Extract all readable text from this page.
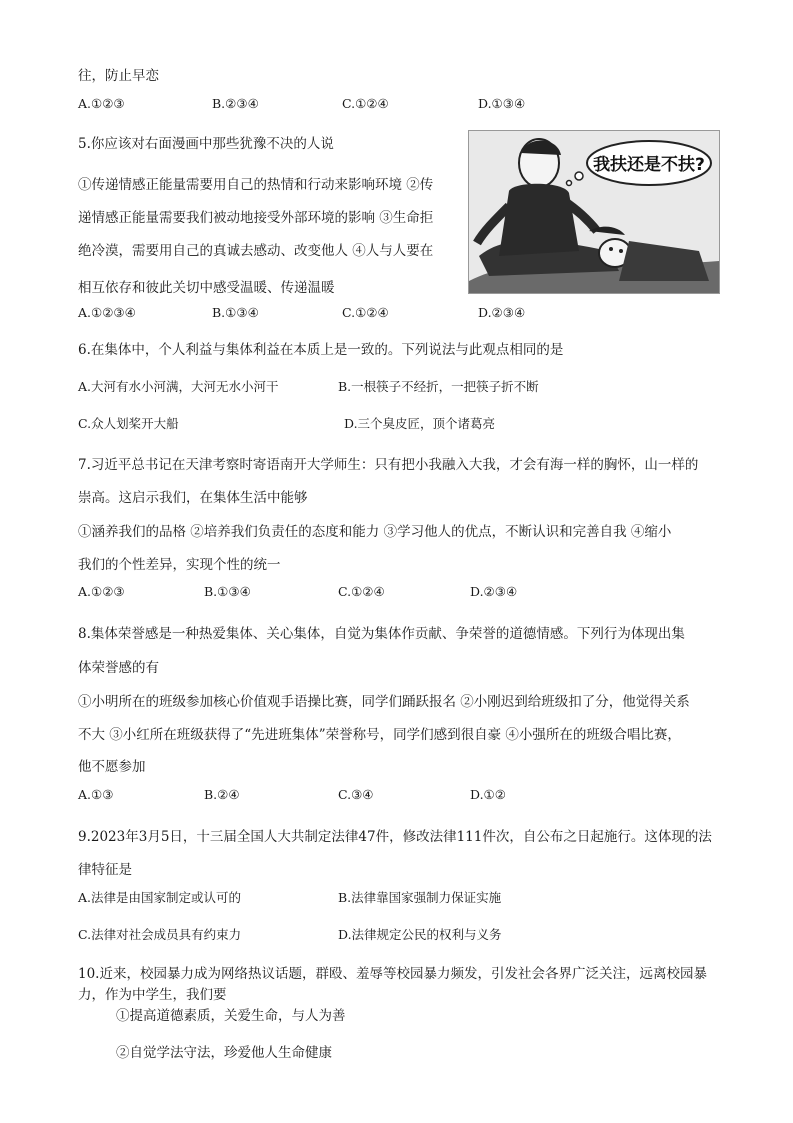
往，防止早恋
A.①②③	B.②③④	C.①②④	D.①③④
5.你应该对右面漫画中那些犹豫不决的人说
①传递情感正能量需要用自己的热情和行动来影响环境 ②传
递情感正能量需要我们被动地接受外部环境的影响 ③生命拒
绝冷漠，需要用自己的真诚去感动、改变他人 ④人与人要在
相互依存和彼此关切中感受温暖、传递温暖
我扶还是不扶?
A.①②③④	B.①③④	C.①②④	D.②③④
6.在集体中，个人利益与集体利益在本质上是一致的。下列说法与此观点相同的是
A.大河有水小河满，大河无水小河干	B.一根筷子不经折，一把筷子折不断
C.众人划桨开大船	D.三个臭皮匠，顶个诸葛亮
7.习近平总书记在天津考察时寄语南开大学师生：只有把小我融入大我，才会有海一样的胸怀，山一样的
崇高。这启示我们，在集体生活中能够
①涵养我们的品格 ②培养我们负责任的态度和能力 ③学习他人的优点，不断认识和完善自我 ④缩小
我们的个性差异，实现个性的统一
A.①②③	B.①③④	C.①②④	D.②③④
8.集体荣誉感是一种热爱集体、关心集体，自觉为集体作贡献、争荣誉的道德情感。下列行为体现出集
体荣誉感的有
①小明所在的班级参加核心价值观手语操比赛，同学们踊跃报名 ②小刚迟到给班级扣了分，他觉得关系
不大 ③小红所在班级获得了“先进班集体”荣誉称号，同学们感到很自豪 ④小强所在的班级合唱比赛，
他不愿参加
A.①③	B.②④	C.③④	D.①②
9.2023年3月5日，十三届全国人大共制定法律47件，修改法律111件次，自公布之日起施行。这体现的法
律特征是
A.法律是由国家制定或认可的	B.法律靠国家强制力保证实施
C.法律对社会成员具有约束力	D.法律规定公民的权利与义务
10.近来，校园暴力成为网络热议话题，群殴、羞辱等校园暴力频发，引发社会各界广泛关注，远离校园暴
力，作为中学生，我们要
①提高道德素质，关爱生命，与人为善
②自觉学法守法，珍爱他人生命健康
